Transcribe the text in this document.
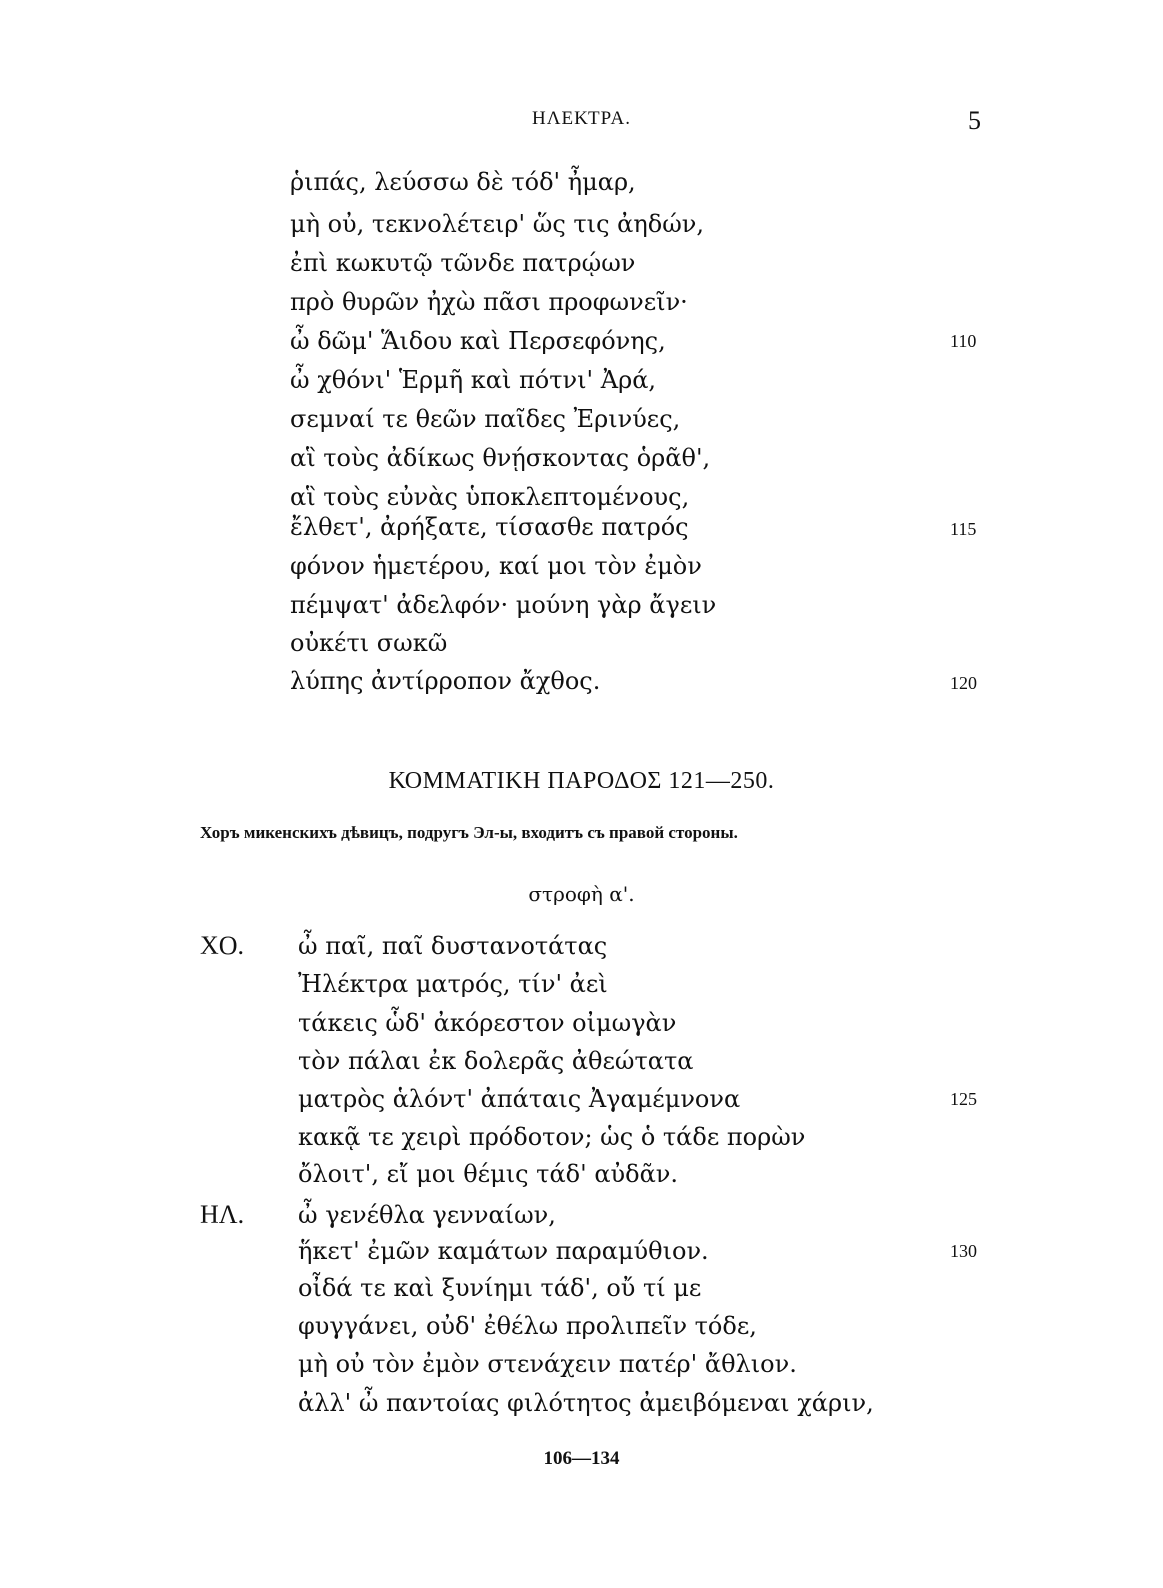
ΗΛΕΚΤΡΑ.	5
ῥιπάς, λεύσσω δὲ τόδ' ἦμαρ,
μὴ οὐ, τεκνολέτειρ' ὥς τις ἀηδών,
ἐπὶ κωκυτῷ τῶνδε πατρῴων
πρὸ θυρῶν ἠχὼ πᾶσι προφωνεῖν·
ὦ δῶμ' Ἅιδου καὶ Περσεφόνης,
ὦ χθόνι' Ἑρμῆ καὶ πότνι' Ἀρά,
σεμναί τε θεῶν παῖδες Ἐρινύες,
αἳ τοὺς ἀδίκως θνῄσκοντας ὁρᾶθ',
αἳ τοὺς εὐνὰς ὑποκλεπτομένους,
ἔλθετ', ἀρήξατε, τίσασθε πατρός
φόνον ἡμετέρου, καί μοι τὸν ἐμὸν
πέμψατ' ἀδελφόν· μούνη γὰρ ἄγειν
οὐκέτι σωκῶ
λύπης ἀντίρροπον ἄχθος.
110
115
120
ΚΟΜΜΑΤΙΚΗ ΠΑΡΟΔΟΣ 121—250.
Хоръ микенскихъ дѣвицъ, подругъ Эл-ы, входитъ съ правой стороны.
στροφὴ α'.
ΧΟ.
ΗΛ.
ὦ παῖ, παῖ δυστανοτάτας
Ἠλέκτρα ματρός, τίν' ἀεὶ
τάκεις ὧδ' ἀκόρεστον οἰμωγὰν
τὸν πάλαι ἐκ δολερᾶς ἀθεώτατα
ματρὸς ἁλόντ' ἀπάταις Ἀγαμέμνονα
κακᾷ τε χειρὶ πρόδοτον; ὡς ὁ τάδε πορὼν
ὄλοιτ', εἴ μοι θέμις τάδ' αὐδᾶν.
ὦ γενέθλα γενναίων,
ἥκετ' ἐμῶν καμάτων παραμύθιον.
οἶδά τε καὶ ξυνίημι τάδ', οὔ τί με
φυγγάνει, οὐδ' ἐθέλω προλιπεῖν τόδε,
μὴ οὐ τὸν ἐμὸν στενάχειν πατέρ' ἄθλιον.
ἀλλ' ὦ παντοίας φιλότητος ἀμειβόμεναι χάριν,
125
130
106—134
